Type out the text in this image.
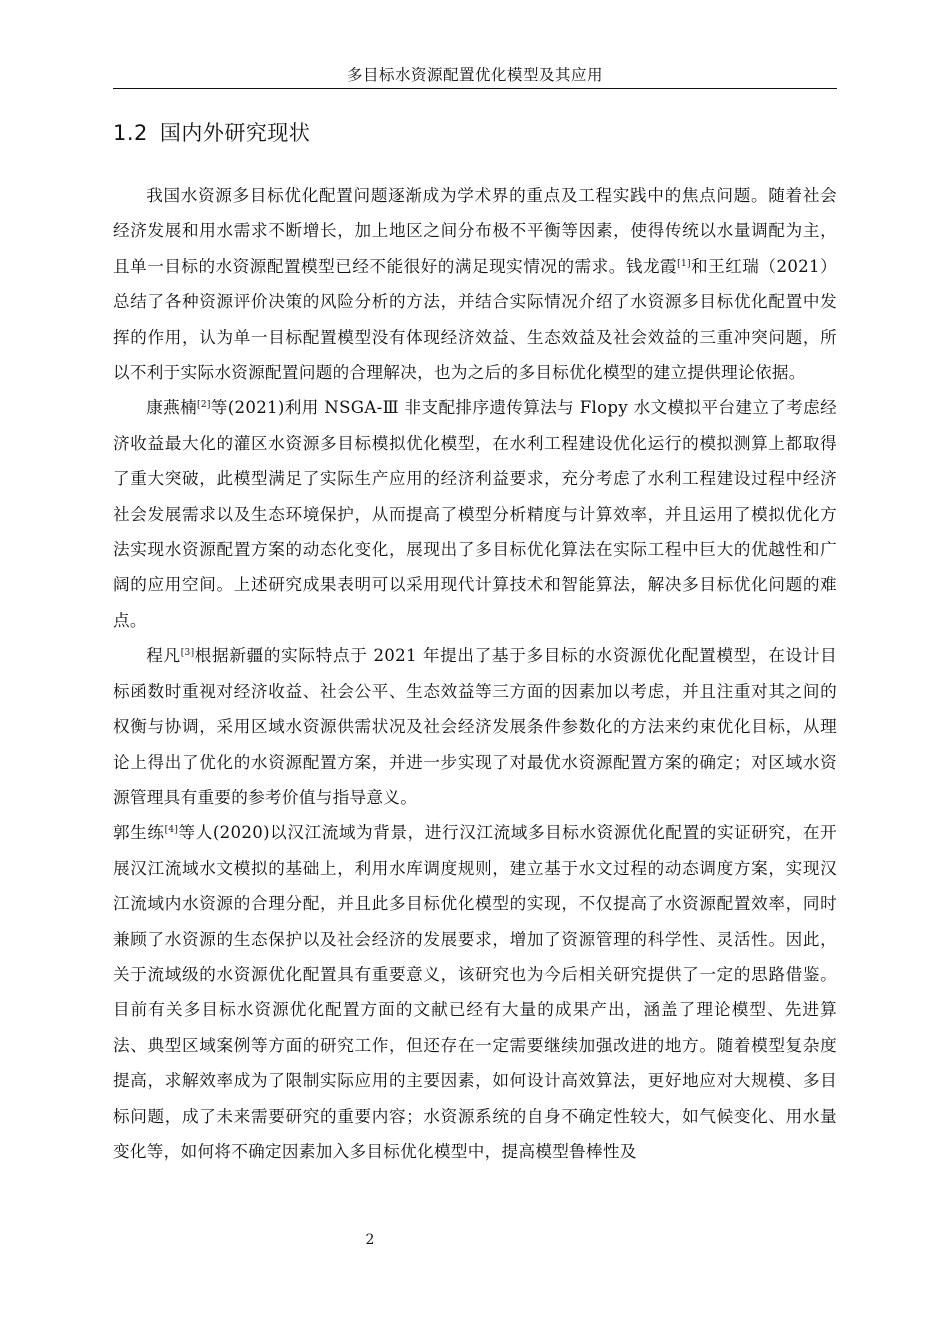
多目标水资源配置优化模型及其应用
1.2 国内外研究现状

我国水资源多目标优化配置问题逐渐成为学术界的重点及工程实践中的焦点问题。随着社会经济发展和用水需求不断增长，加上地区之间分布极不平衡等因素，使得传统以水量调配为主，且单一目标的水资源配置模型已经不能很好的满足现实情况的需求。钱龙霞[1]和王红瑞（2021）总结了各种资源评价决策的风险分析的方法，并结合实际情况介绍了水资源多目标优化配置中发挥的作用，认为单一目标配置模型没有体现经济效益、生态效益及社会效益的三重冲突问题，所以不利于实际水资源配置问题的合理解决，也为之后的多目标优化模型的建立提供理论依据。

康燕楠[2]等(2021)利用 NSGA-Ⅲ 非支配排序遗传算法与 Flopy 水文模拟平台建立了考虑经济收益最大化的灌区水资源多目标模拟优化模型，在水利工程建设优化运行的模拟测算上都取得了重大突破，此模型满足了实际生产应用的经济利益要求，充分考虑了水利工程建设过程中经济社会发展需求以及生态环境保护，从而提高了模型分析精度与计算效率，并且运用了模拟优化方法实现水资源配置方案的动态化变化，展现出了多目标优化算法在实际工程中巨大的优越性和广阔的应用空间。上述研究成果表明可以采用现代计算技术和智能算法，解决多目标优化问题的难点。

程凡[3]根据新疆的实际特点于 2021 年提出了基于多目标的水资源优化配置模型，在设计目标函数时重视对经济收益、社会公平、生态效益等三方面的因素加以考虑，并且注重对其之间的权衡与协调，采用区域水资源供需状况及社会经济发展条件参数化的方法来约束优化目标，从理论上得出了优化的水资源配置方案，并进一步实现了对最优水资源配置方案的确定；对区域水资源管理具有重要的参考价值与指导意义。

郭生练[4]等人(2020)以汉江流域为背景，进行汉江流域多目标水资源优化配置的实证研究，在开展汉江流域水文模拟的基础上，利用水库调度规则，建立基于水文过程的动态调度方案，实现汉江流域内水资源的合理分配，并且此多目标优化模型的实现，不仅提高了水资源配置效率，同时兼顾了水资源的生态保护以及社会经济的发展要求，增加了资源管理的科学性、灵活性。因此，关于流域级的水资源优化配置具有重要意义，该研究也为今后相关研究提供了一定的思路借鉴。目前有关多目标水资源优化配置方面的文献已经有大量的成果产出，涵盖了理论模型、先进算法、典型区域案例等方面的研究工作，但还存在一定需要继续加强改进的地方。随着模型复杂度提高，求解效率成为了限制实际应用的主要因素，如何设计高效算法，更好地应对大规模、多目标问题，成了未来需要研究的重要内容；水资源系统的自身不确定性较大，如气候变化、用水量变化等，如何将不确定因素加入多目标优化模型中，提高模型鲁棒性及

2
